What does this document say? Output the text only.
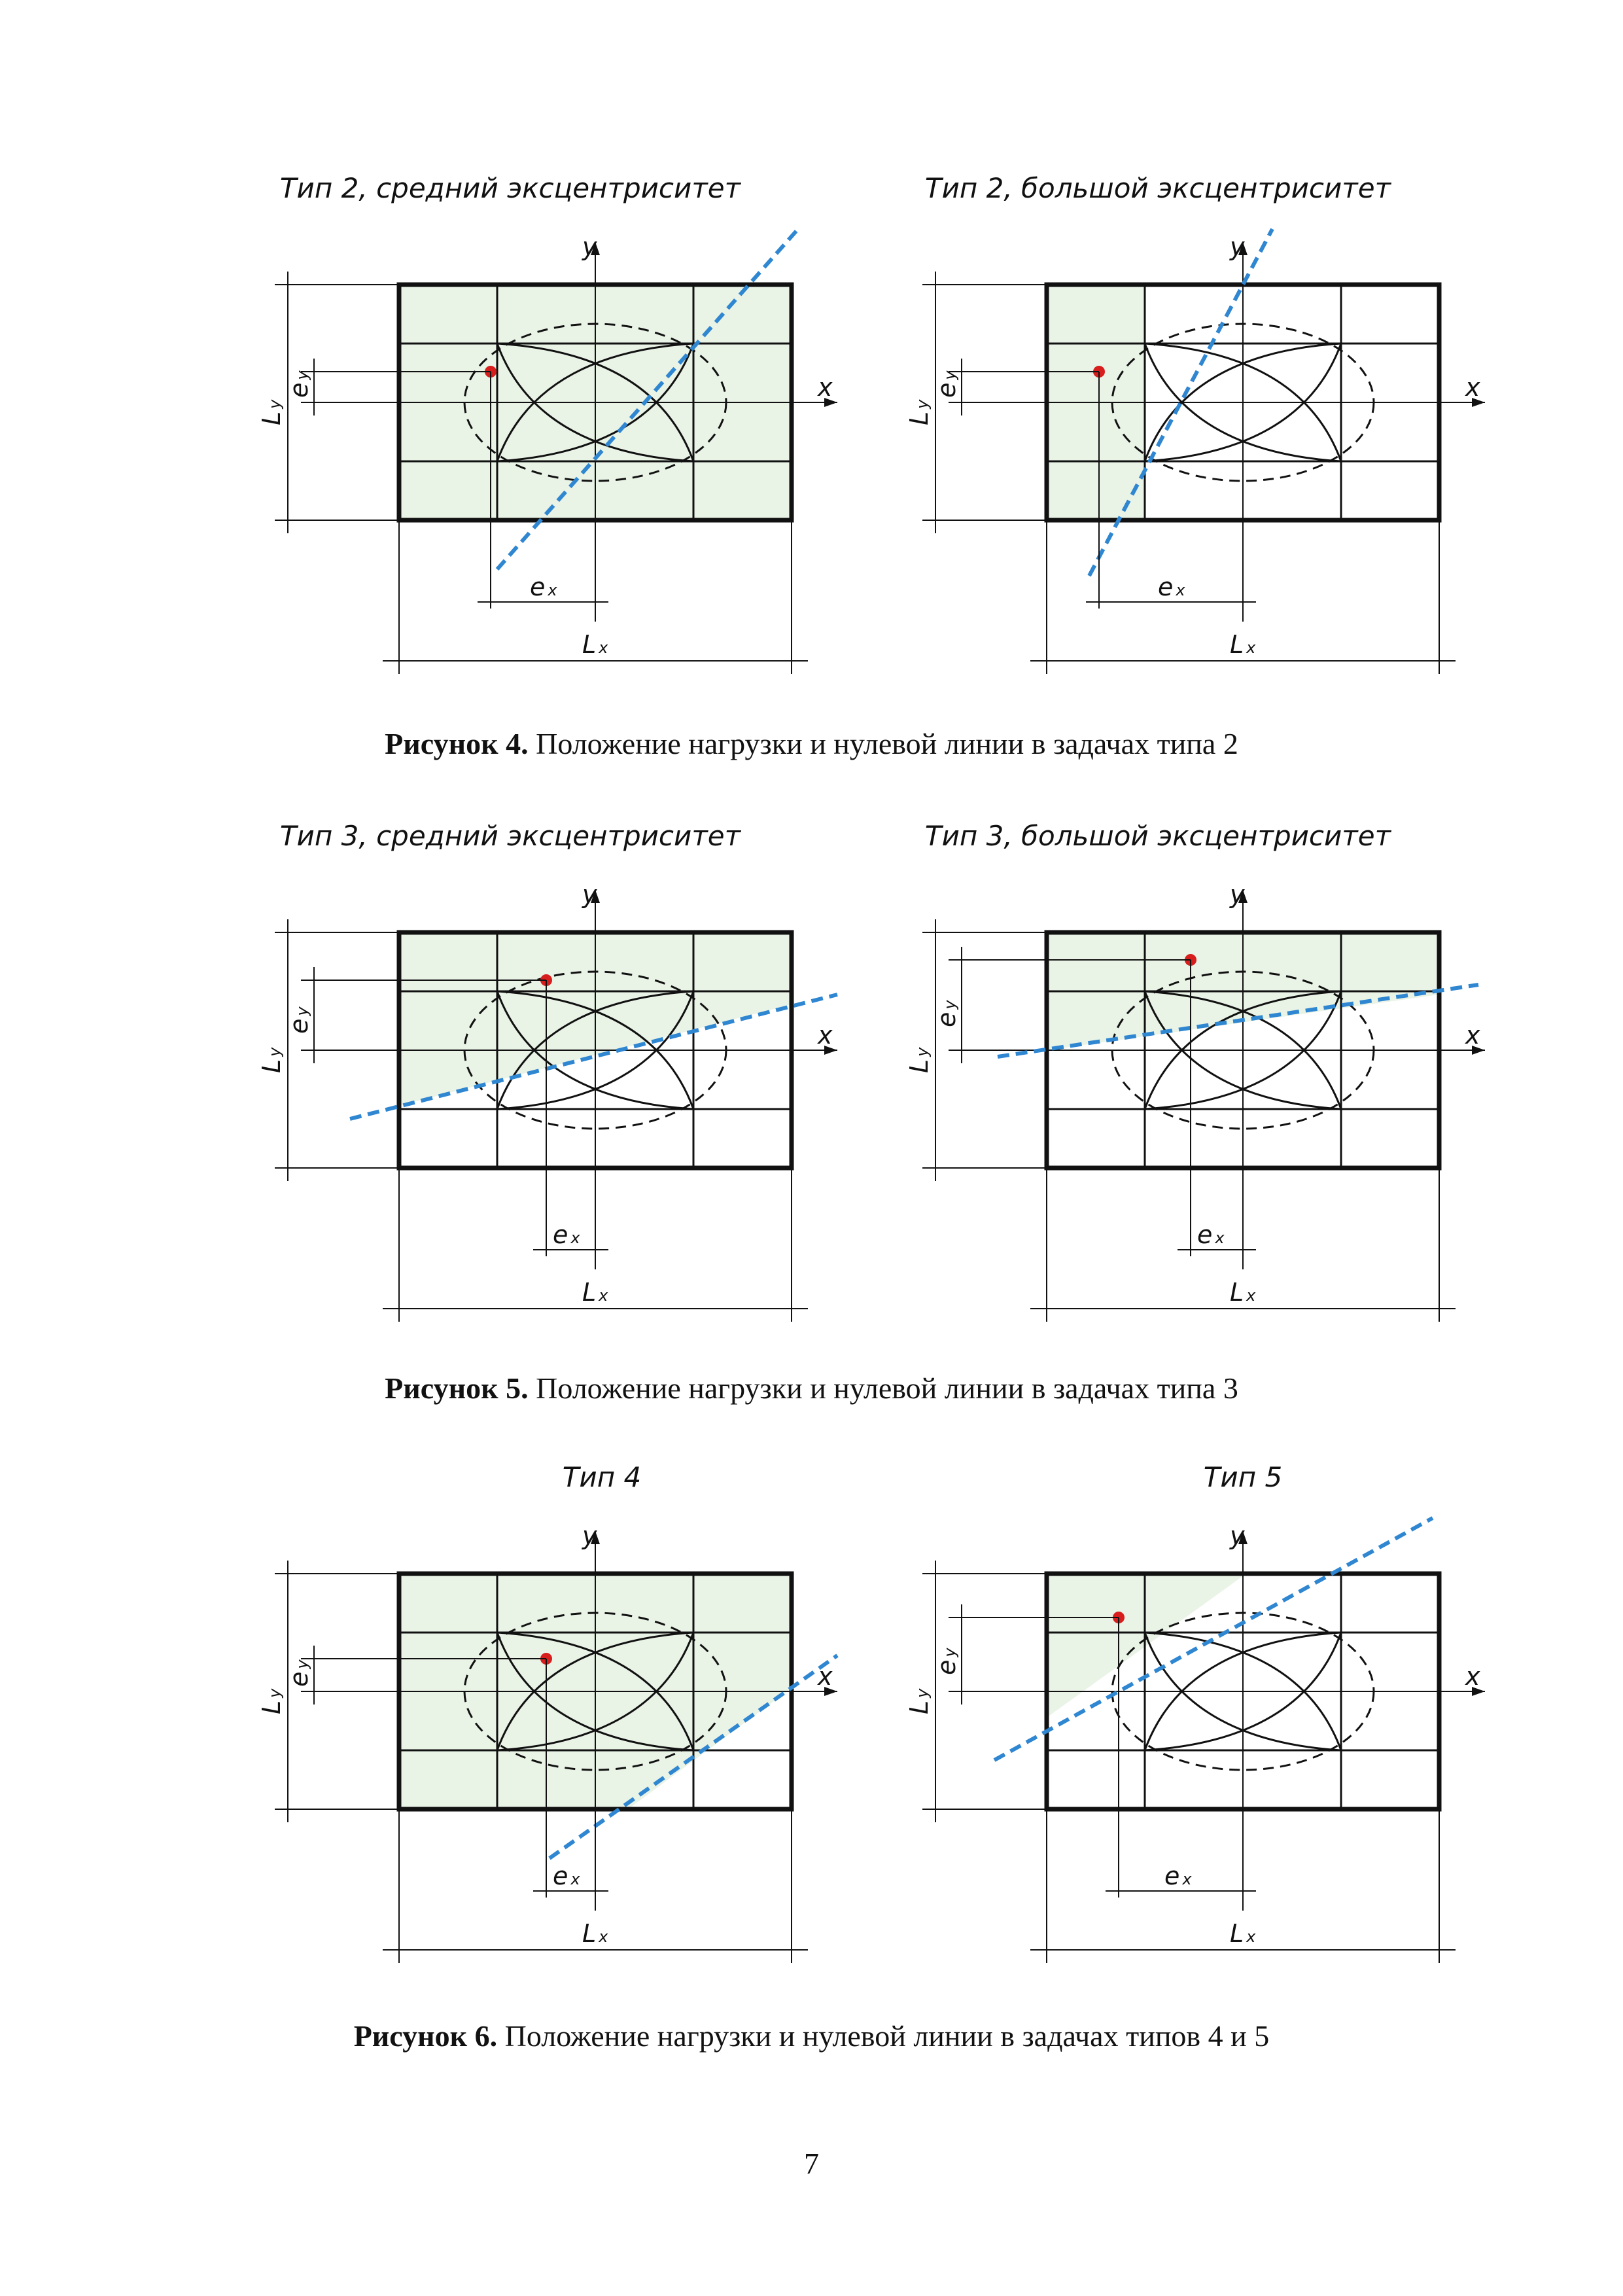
Тип 2, средний эксцентриситет
y
x
Lx
ex
Ly
ey
Тип 2, большой эксцентриситет
y
x
Lx
ex
Ly
ey
Рисунок 4. Положение нагрузки и нулевой линии в задачах типа 2
Тип 3, средний эксцентриситет
y
x
Lx
ex
Ly
ey
Тип 3, большой эксцентриситет
y
x
Lx
ex
Ly
ey
Рисунок 5. Положение нагрузки и нулевой линии в задачах типа 3
Тип 4
y
x
Lx
ex
Ly
ey
Тип 5
y
x
Lx
ex
Ly
ey
Рисунок 6. Положение нагрузки и нулевой линии в задачах типов 4 и 5
7
